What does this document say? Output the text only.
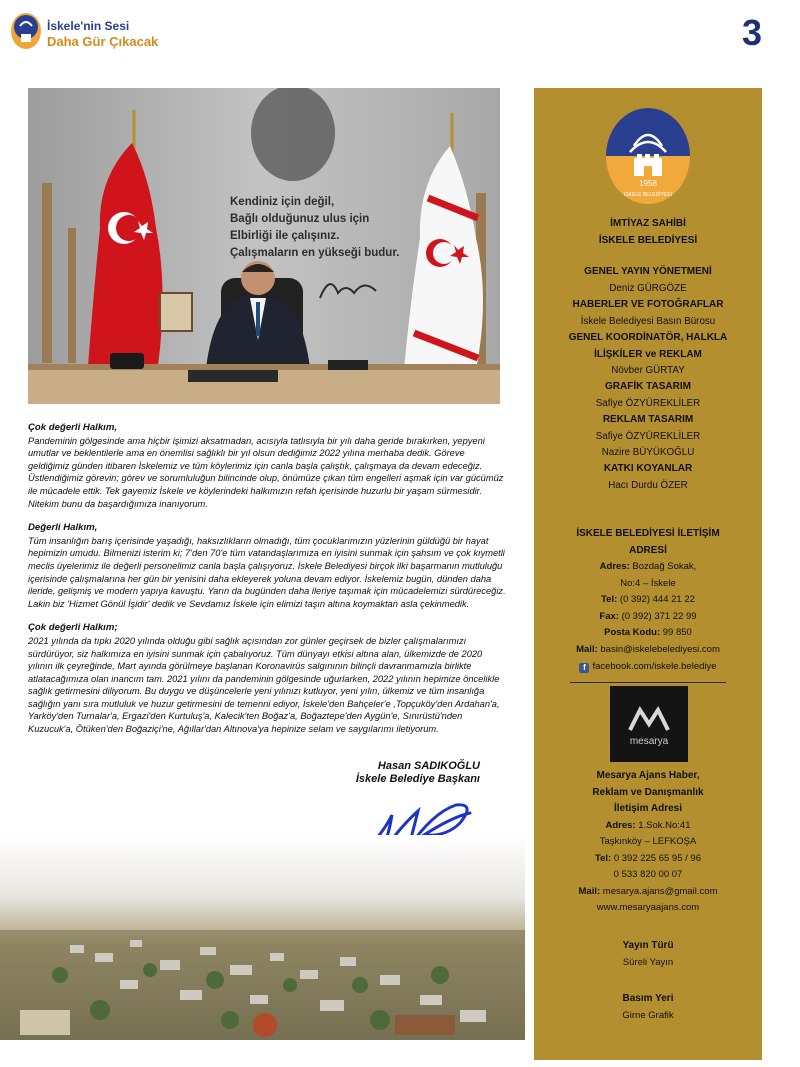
İskele'nin Sesi
Daha Gür Çıkacak	3
Kendiniz için değil,
Bağlı olduğunuz ulus için
Elbirliği ile çalışınız.
Çalışmaların en yükseği budur.
Çok değerli Halkım,

Pandeminin gölgesinde ama hiçbir işimizi aksatmadan, acısıyla tatlısıyla bir yılı daha geride bırakırken, yepyeni umutlar ve beklentilerle ama en önemlisi sağlıklı bir yıl olsun dediğimiz 2022 yılına merhaba dedik. Göreve geldiğimiz günden itibaren İskelemiz ve tüm köylerimiz için canla başla çalıştık, çalışmaya da devam edeceğiz. Üstlendiğimiz görevin; görev ve sorumluluğun bilincinde olup, önümüze çıkan tüm engelleri aşmak için var gücümüz ile mücadele ettik. Tek gayemiz İskele ve köylerindeki halkımızın refah içerisinde huzurlu bir yaşam sürmesidir. Nitekim bunu da başardığımıza inanıyorum.

Değerli Halkım,

Tüm insanlığın barış içerisinde yaşadığı, haksızlıkların olmadığı, tüm çocuklarımızın yüzlerinin güldüğü bir hayat hepimizin umudu. Bilmenizi isterim ki; 7'den 70'e tüm vatandaşlarımıza en iyisini sunmak için şahsım ve çok kıymetli meclis üyelerimiz ile değerli personelimiz canla başla çalışıyoruz. İskele Belediyesi birçok ilki başarmanın mutluluğu içerisinde çalışmalarına her gün bir yenisini daha ekleyerek yoluna devam ediyor. İskelemiz bugün, dünden daha ileride, gelişmiş ve modern yapıya kavuştu. Yarın da bugünden daha ileriye taşımak için mücadelemizi sürdüreceğiz. Lakin biz 'Hizmet Gönül İşidir' dedik ve Sevdamız İskele için elimizi taşın altına koymaktan asla çekinmedik.

Çok değerli Halkım;

2021 yılında da tıpkı 2020 yılında olduğu gibi sağlık açısından zor günler geçirsek de bizler çalışmalarımızı sürdürüyor, siz halkımıza en iyisini sunmak için çabalıyoruz. Tüm dünyayı etkisi altına alan, ülkemizde de 2020 yılının ilk çeyreğinde, Mart ayında görülmeye başlanan Koronavirüs salgınının bilinçli davranmamızla birlikte atlatacağımıza olan inancım tam. 2021 yılını da pandeminin gölgesinde uğurlarken, 2022 yılının hepimize öncelikle sağlık getirmesini diliyorum. Bu duygu ve düşüncelerle yeni yılınızı kutluyor, yeni yılın, ülkemiz ve tüm insanlığa sağlığın yanı sıra mutluluk ve huzur getirmesini de temenni ediyor, İskele'den Bahçeler'e ,Topçuköy'den Ardahan'a, Yarköy'den Turnalar'a, Ergazi'den Kurtuluş'a, Kalecik'ten Boğaz'a, Boğaztepe'den Aygün'e, Sınırüstü'nden Kuzucuk'a, Ötüken'den Boğaziçi'ne, Ağıllar'dan Altınova'ya hepinize selam ve saygılarımı iletiyorum.

Hasan SADIKOĞLU
İskele Belediye Başkanı
1958
İSKELE BELEDİYESİ
İMTİYAZ SAHİBİ
İSKELE BELEDİYESİ
GENEL YAYIN YÖNETMENİ
Deniz GÜRGÖZE
HABERLER VE FOTOĞRAFLAR
İskele Belediyesi Basın Bürosu
GENEL KOORDİNATÖR, HALKLA İLİŞKİLER ve REKLAM
Növber GÜRTAY
GRAFİK TASARIM
Safiye ÖZYÜREKLİLER
REKLAM TASARIM
Safiye ÖZYÜREKLİLER
Nazire BÜYÜKOĞLU
KATKI KOYANLAR
Hacı Durdu ÖZER
İSKELE BELEDİYESİ İLETİŞİM ADRESİ
Adres: Bozdağ Sokak,
No:4 – İskele
Tel: (0 392) 444 21 22
Fax: (0 392) 371 22 99
Posta Kodu: 99 850
Mail: basin@iskelebelediyesi.com
f facebook.com/iskele.belediye
mesarya
Mesarya Ajans Haber,
Reklam ve Danışmanlık
İletişim Adresi
Adres: 1.Sok.No:41
Taşkınköy – LEFKOŞA
Tel: 0 392 225 65 95 / 96
0 533 820 00 07
Mail: mesarya.ajans@gmail.com
www.mesaryaajans.com
Yayın Türü
Süreli Yayın
Basım Yeri
Girne Grafik
